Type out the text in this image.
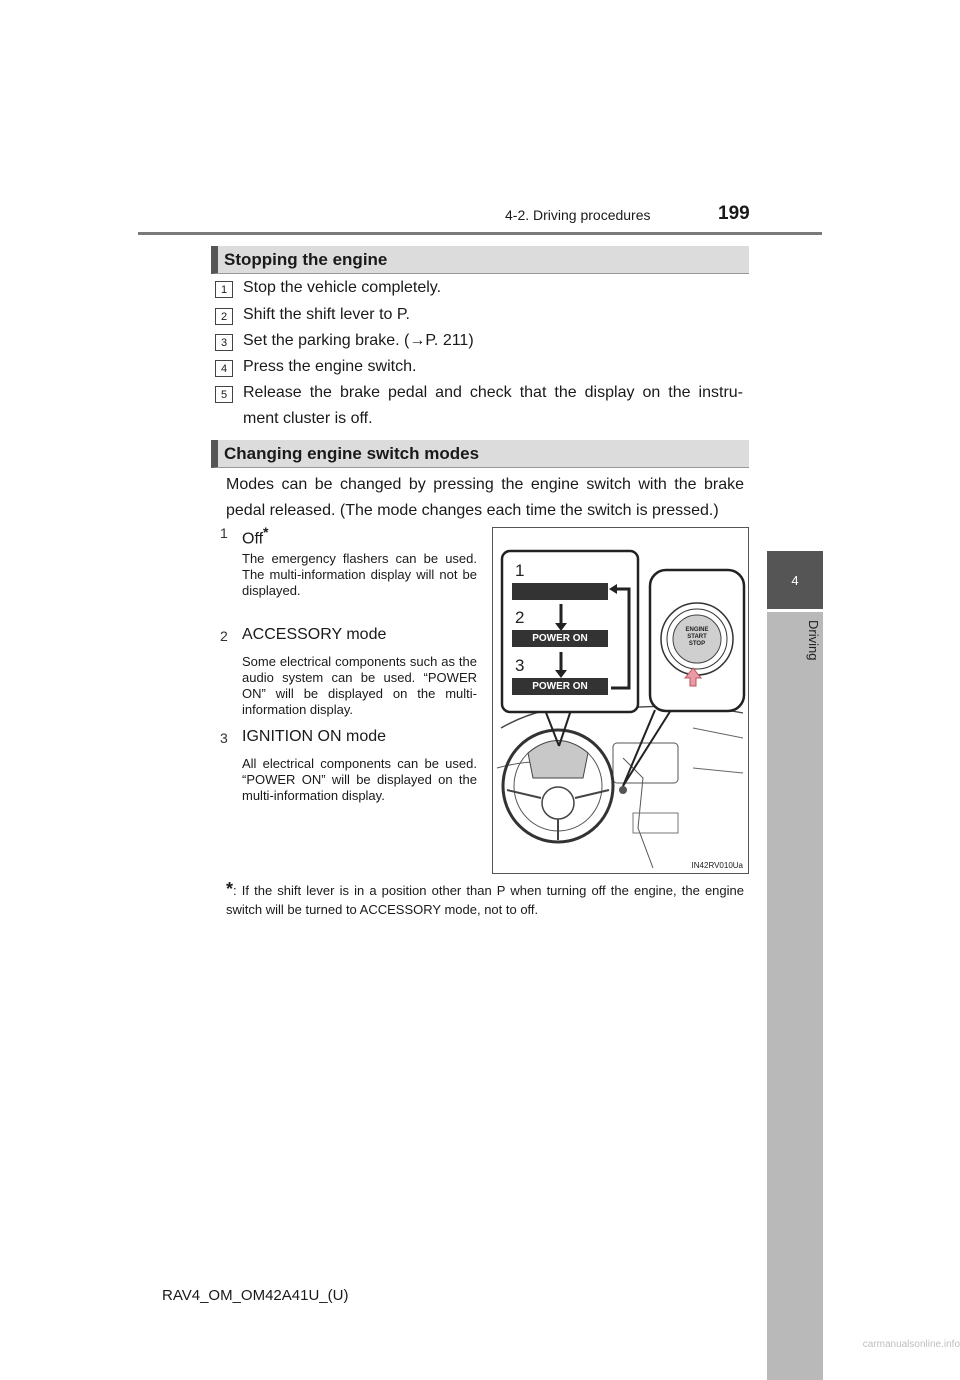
4-2. Driving procedures	199
4
Driving
Stopping the engine
1 Stop the vehicle completely.
2 Shift the shift lever to P.
3 Set the parking brake. (→P. 211)
4 Press the engine switch.
5 Release the brake pedal and check that the display on the instru-
ment cluster is off.
Changing engine switch modes
Modes can be changed by pressing the engine switch with the brake pedal released. (The mode changes each time the switch is pressed.)
1 Off*
The emergency flashers can be used. The multi-information display will not be displayed.
2 ACCESSORY mode
Some electrical components such as the audio system can be used. “POWER ON” will be displayed on the multi-information display.
3 IGNITION ON mode
All electrical components can be used. “POWER ON” will be displayed on the multi-information display.
1
2
3
POWER ON
POWER ON
ENGINE
START
STOP
IN42RV010Ua
*: If the shift lever is in a position other than P when turning off the engine, the engine switch will be turned to ACCESSORY mode, not to off.
RAV4_OM_OM42A41U_(U)
carmanualsonline.info
